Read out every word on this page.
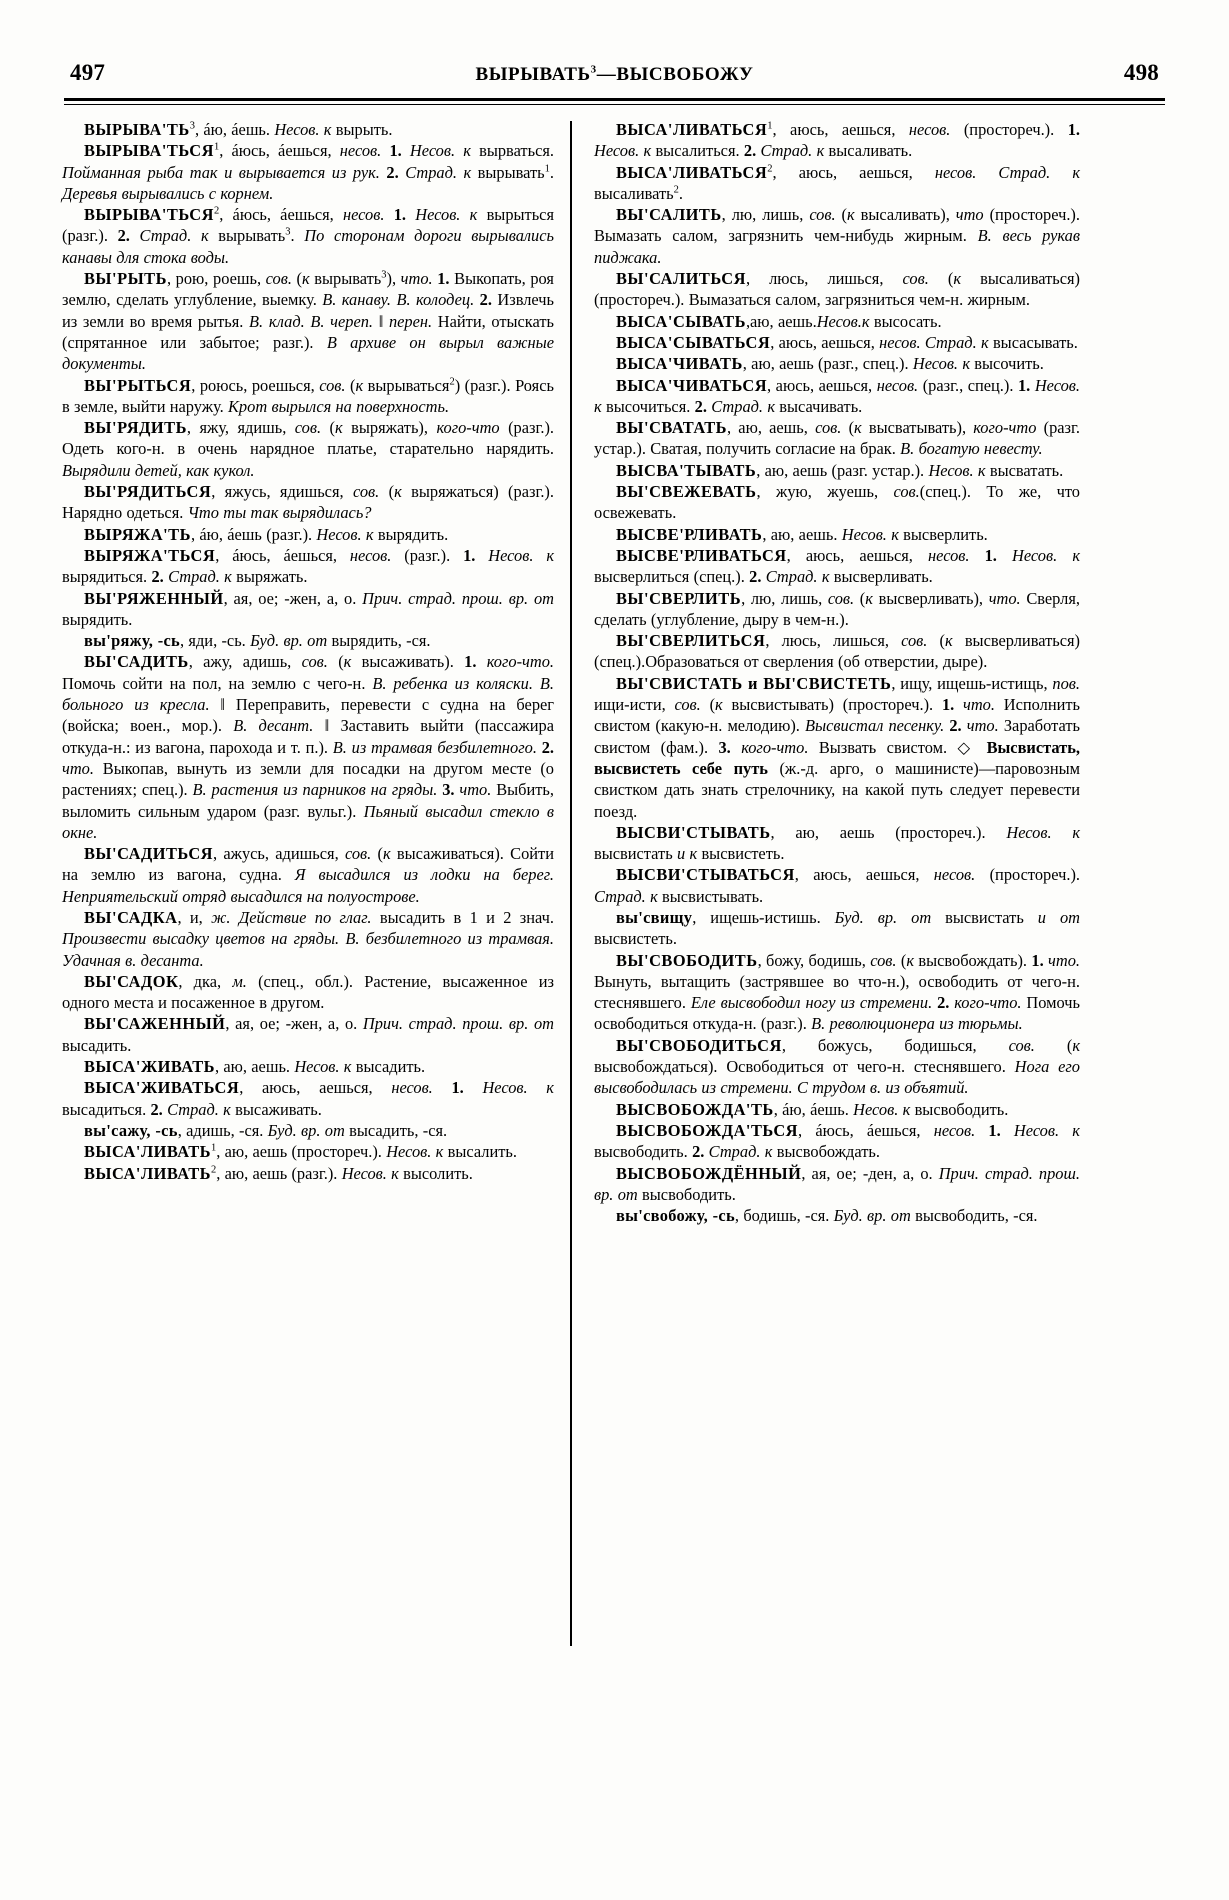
497	ВЫРЫВАТЬ$^3$—ВЫСВОБОЖУ	498

$ВЫРЫВА'ТЬ^3$, áю, áешь. Несов. к вырыть.

ВЫРЫВА'ТЬСЯ$^1$, áюсь, áешься, несов. 1. Несов. к вырваться. Пойманная рыба так и вырывается из рук. 2. Страд. к вырывать$^1$. Деревья вырывались с корнем.

ВЫРЫВА'ТЬСЯ$^2$, áюсь, áешься, несов. 1. Несов. к вырыться (разг.). 2. Страд. к вырывать$^3$. По сторонам дороги вырывались канавы для стока воды.

ВЫ'РЫТЬ, рою, роешь, сов. (к вырывать$^3$), что. 1. Выкопать, роя землю, сделать углубление, выемку. В. канаву. В. колодец. 2. Извлечь из земли во время рытья. В. клад. В. череп. ‖ перен. Найти, отыскать (спрятанное или забытое; разг.). В архиве он вырыл важные документы.

ВЫ'РЫТЬСЯ, роюсь, роешься, сов. (к вырываться$^2$) (разг.). Роясь в земле, выйти наружу. Крот вырылся на поверхность.

ВЫ'РЯДИТЬ, яжу, ядишь, сов. (к выряжать), кого-что (разг.). Одеть кого-н. в очень нарядное платье, старательно нарядить. Вырядили детей, как кукол.

ВЫ'РЯДИТЬСЯ, яжусь, ядишься, сов. (к выряжаться) (разг.). Нарядно одеться. Что ты так вырядилась?

ВЫРЯЖА'ТЬ, áю, áешь (разг.). Несов. к вырядить.

ВЫРЯЖА'ТЬСЯ, áюсь, áешься, несов. (разг.). 1. Несов. к вырядиться. 2. Страд. к выряжать.

ВЫ'РЯЖЕННЫЙ, ая, ое; -жен, а, о. Прич. страд. прош. вр. от вырядить.

вы'ряжу, -сь, яди, -сь. Буд. вр. от вырядить, -ся.

ВЫ'САДИТЬ, ажу, адишь, сов. (к высаживать). 1. кого-что. Помочь сойти на пол, на землю с чего-н. В. ребенка из коляски. В. больного из кресла. ‖ Переправить, перевести с судна на берег (войска; воен., мор.). В. десант. ‖ Заставить выйти (пассажира откуда-н.: из вагона, парохода и т. п.). В. из трамвая безбилетного. 2. что. Выкопав, вынуть из земли для посадки на другом месте (о растениях; спец.). В. растения из парников на гряды. 3. что. Выбить, выломить сильным ударом (разг. вульг.). Пьяный высадил стекло в окне.

ВЫ'САДИТЬСЯ, ажусь, адишься, сов. (к высаживаться). Сойти на землю из вагона, судна. Я высадился из лодки на берег. Неприятельский отряд высадился на полуострове.

ВЫ'САДКА, и, ж. Действие по глаг. высадить в 1 и 2 знач. Произвести высадку цветов на гряды. В. безбилетного из трамвая. Удачная в. десанта.

ВЫ'САДОК, дка, м. (спец., обл.). Растение, высаженное из одного места и посаженное в другом.

ВЫ'САЖЕННЫЙ, ая, ое; -жен, а, о. Прич. страд. прош. вр. от высадить.

ВЫСА'ЖИВАТЬ, аю, аешь. Несов. к высадить.

ВЫСА'ЖИВАТЬСЯ, аюсь, аешься, несов. 1. Несов. к высадиться. 2. Страд. к высаживать.

вы'сажу, -сь, адишь, -ся. Буд. вр. от высадить, -ся.

ВЫСА'ЛИВАТЬ$^1$, аю, аешь (простореч.). Несов. к высалить.

ВЫСА'ЛИВАТЬ$^2$, аю, аешь (разг.). Несов. к высолить.

ВЫСА'ЛИВАТЬСЯ$^1$, аюсь, аешься, несов. (простореч.). 1. Несов. к высалиться. 2. Страд. к высаливать.

ВЫСА'ЛИВАТЬСЯ$^2$, аюсь, аешься, несов. Страд. к высаливать$^2$.

ВЫ'САЛИТЬ, лю, лишь, сов. (к высаливать), что (простореч.). Вымазать салом, загрязнить чем-нибудь жирным. В. весь рукав пиджака.

ВЫ'САЛИТЬСЯ, люсь, лишься, сов. (к высаливаться) (простореч.). Вымазаться салом, загрязниться чем-н. жирным.

ВЫСА'СЫВАТЬ,аю, аешь.Несов.к высосать.

ВЫСА'СЫВАТЬСЯ, аюсь, аешься, несов. Страд. к высасывать.

ВЫСА'ЧИВАТЬ, аю, аешь (разг., спец.). Несов. к высочить.

ВЫСА'ЧИВАТЬСЯ, аюсь, аешься, несов. (разг., спец.). 1. Несов. к высочиться. 2. Страд. к высачивать.

ВЫ'СВАТАТЬ, аю, аешь, сов. (к высватывать), кого-что (разг. устар.). Сватая, получить согласие на брак. В. богатую невесту.

ВЫСВА'ТЫВАТЬ, аю, аешь (разг. устар.). Несов. к высватать.

ВЫ'СВЕЖЕВАТЬ, жую, жуешь, сов.(спец.). То же, что освежевать.

ВЫСВЕ'РЛИВАТЬ, аю, аешь. Несов. к высверлить.

ВЫСВЕ'РЛИВАТЬСЯ, аюсь, аешься, несов. 1. Несов. к высверлиться (спец.). 2. Страд. к высверливать.

ВЫ'СВЕРЛИТЬ, лю, лишь, сов. (к высверливать), что. Сверля, сделать (углубление, дыру в чем-н.).

ВЫ'СВЕРЛИТЬСЯ, люсь, лишься, сов. (к высверливаться) (спец.).Образоваться от сверления (об отверстии, дыре).

ВЫ'СВИСТАТЬ и ВЫ'СВИСТЕТЬ, ищу, ищешь-истищь, пов. ищи-исти, сов. (к высвистывать) (простореч.). 1. что. Исполнить свистом (какую-н. мелодию). Высвистал песенку. 2. что. Заработать свистом (фам.). 3. кого-что. Вызвать свистом. ◇ Высвистать, высвистеть себе путь (ж.-д. арго, о машинисте)—паровозным свистком дать знать стрелочнику, на какой путь следует перевести поезд.

ВЫСВИ'СТЫВАТЬ, аю, аешь (простореч.). Несов. к высвистать и к высвистеть.

ВЫСВИ'СТЫВАТЬСЯ, аюсь, аешься, несов. (простореч.). Страд. к высвистывать.

вы'свищу, ищешь-истишь. Буд. вр. от высвистать и от высвистеть.

ВЫ'СВОБОДИТЬ, божу, бодишь, сов. (к высвобождать). 1. что. Вынуть, вытащить (застрявшее во что-н.), освободить от чего-н. стеснявшего. Еле высвободил ногу из стремени. 2. кого-что. Помочь освободиться откуда-н. (разг.). В. революционера из тюрьмы.

ВЫ'СВОБОДИТЬСЯ, божусь, бодишься, сов. (к высвобождаться). Освободиться от чего-н. стеснявшего. Нога его высвободилась из стремени. С трудом в. из объятий.

ВЫСВОБОЖДА'ТЬ, áю, áешь. Несов. к высвободить.

ВЫСВОБОЖДА'ТЬСЯ, áюсь, áешься, несов. 1. Несов. к высвободить. 2. Страд. к высвобождать.

ВЫСВОБОЖДЁННЫЙ, ая, ое; -ден, а, о. Прич. страд. прош. вр. от высвободить.

вы'свобожу, -сь, бодишь, -ся. Буд. вр. от высвободить, -ся.
